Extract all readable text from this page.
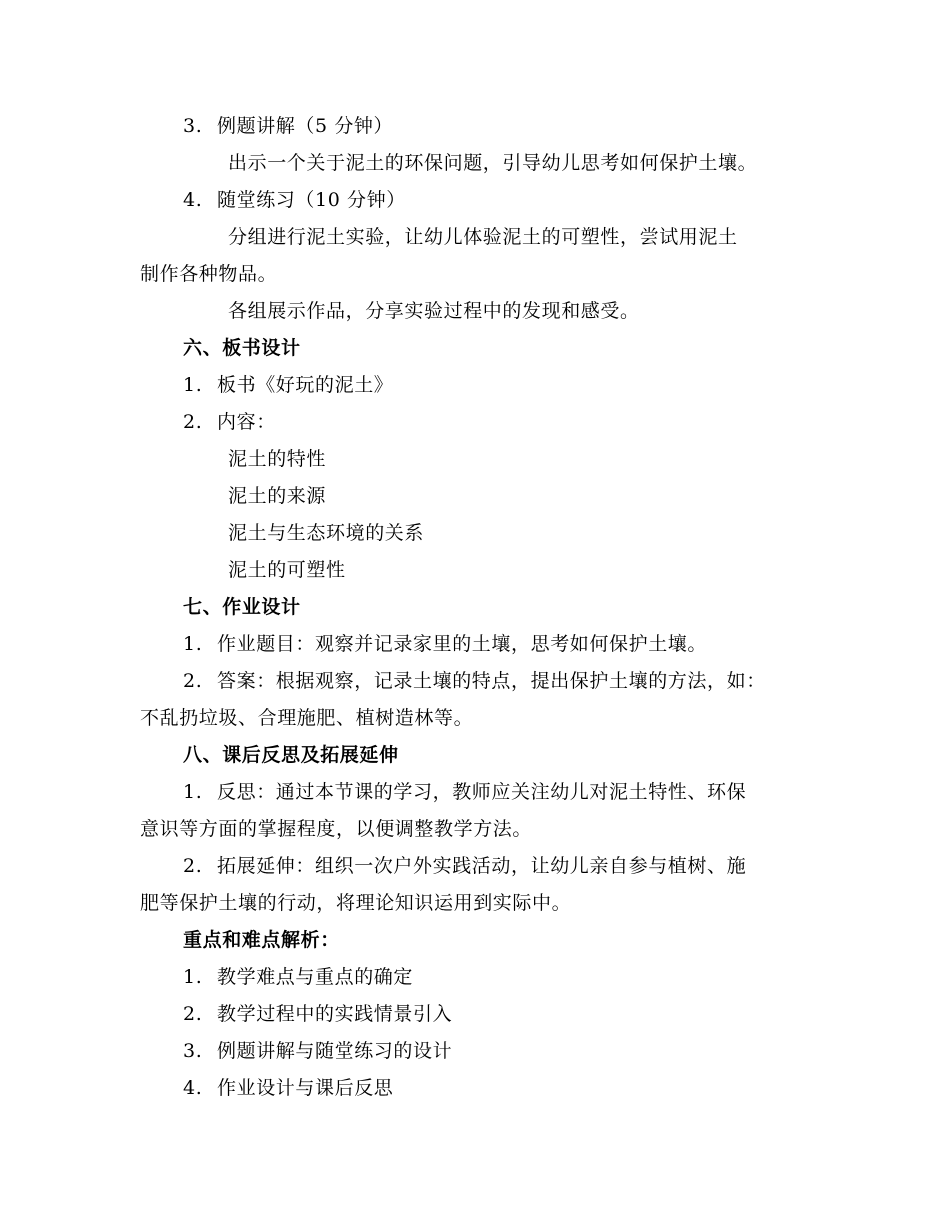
3. 例题讲解（5 分钟）
出示一个关于泥土的环保问题，引导幼儿思考如何保护土壤。
4. 随堂练习（10 分钟）
分组进行泥土实验，让幼儿体验泥土的可塑性，尝试用泥土
制作各种物品。
各组展示作品，分享实验过程中的发现和感受。
六、板书设计
1. 板书《好玩的泥土》
2. 内容：
泥土的特性
泥土的来源
泥土与生态环境的关系
泥土的可塑性
七、作业设计
1. 作业题目：观察并记录家里的土壤，思考如何保护土壤。
2. 答案：根据观察，记录土壤的特点，提出保护土壤的方法，如：
不乱扔垃圾、合理施肥、植树造林等。
八、课后反思及拓展延伸
1. 反思：通过本节课的学习，教师应关注幼儿对泥土特性、环保
意识等方面的掌握程度，以便调整教学方法。
2. 拓展延伸：组织一次户外实践活动，让幼儿亲自参与植树、施
肥等保护土壤的行动，将理论知识运用到实际中。
重点和难点解析：
1. 教学难点与重点的确定
2. 教学过程中的实践情景引入
3. 例题讲解与随堂练习的设计
4. 作业设计与课后反思
